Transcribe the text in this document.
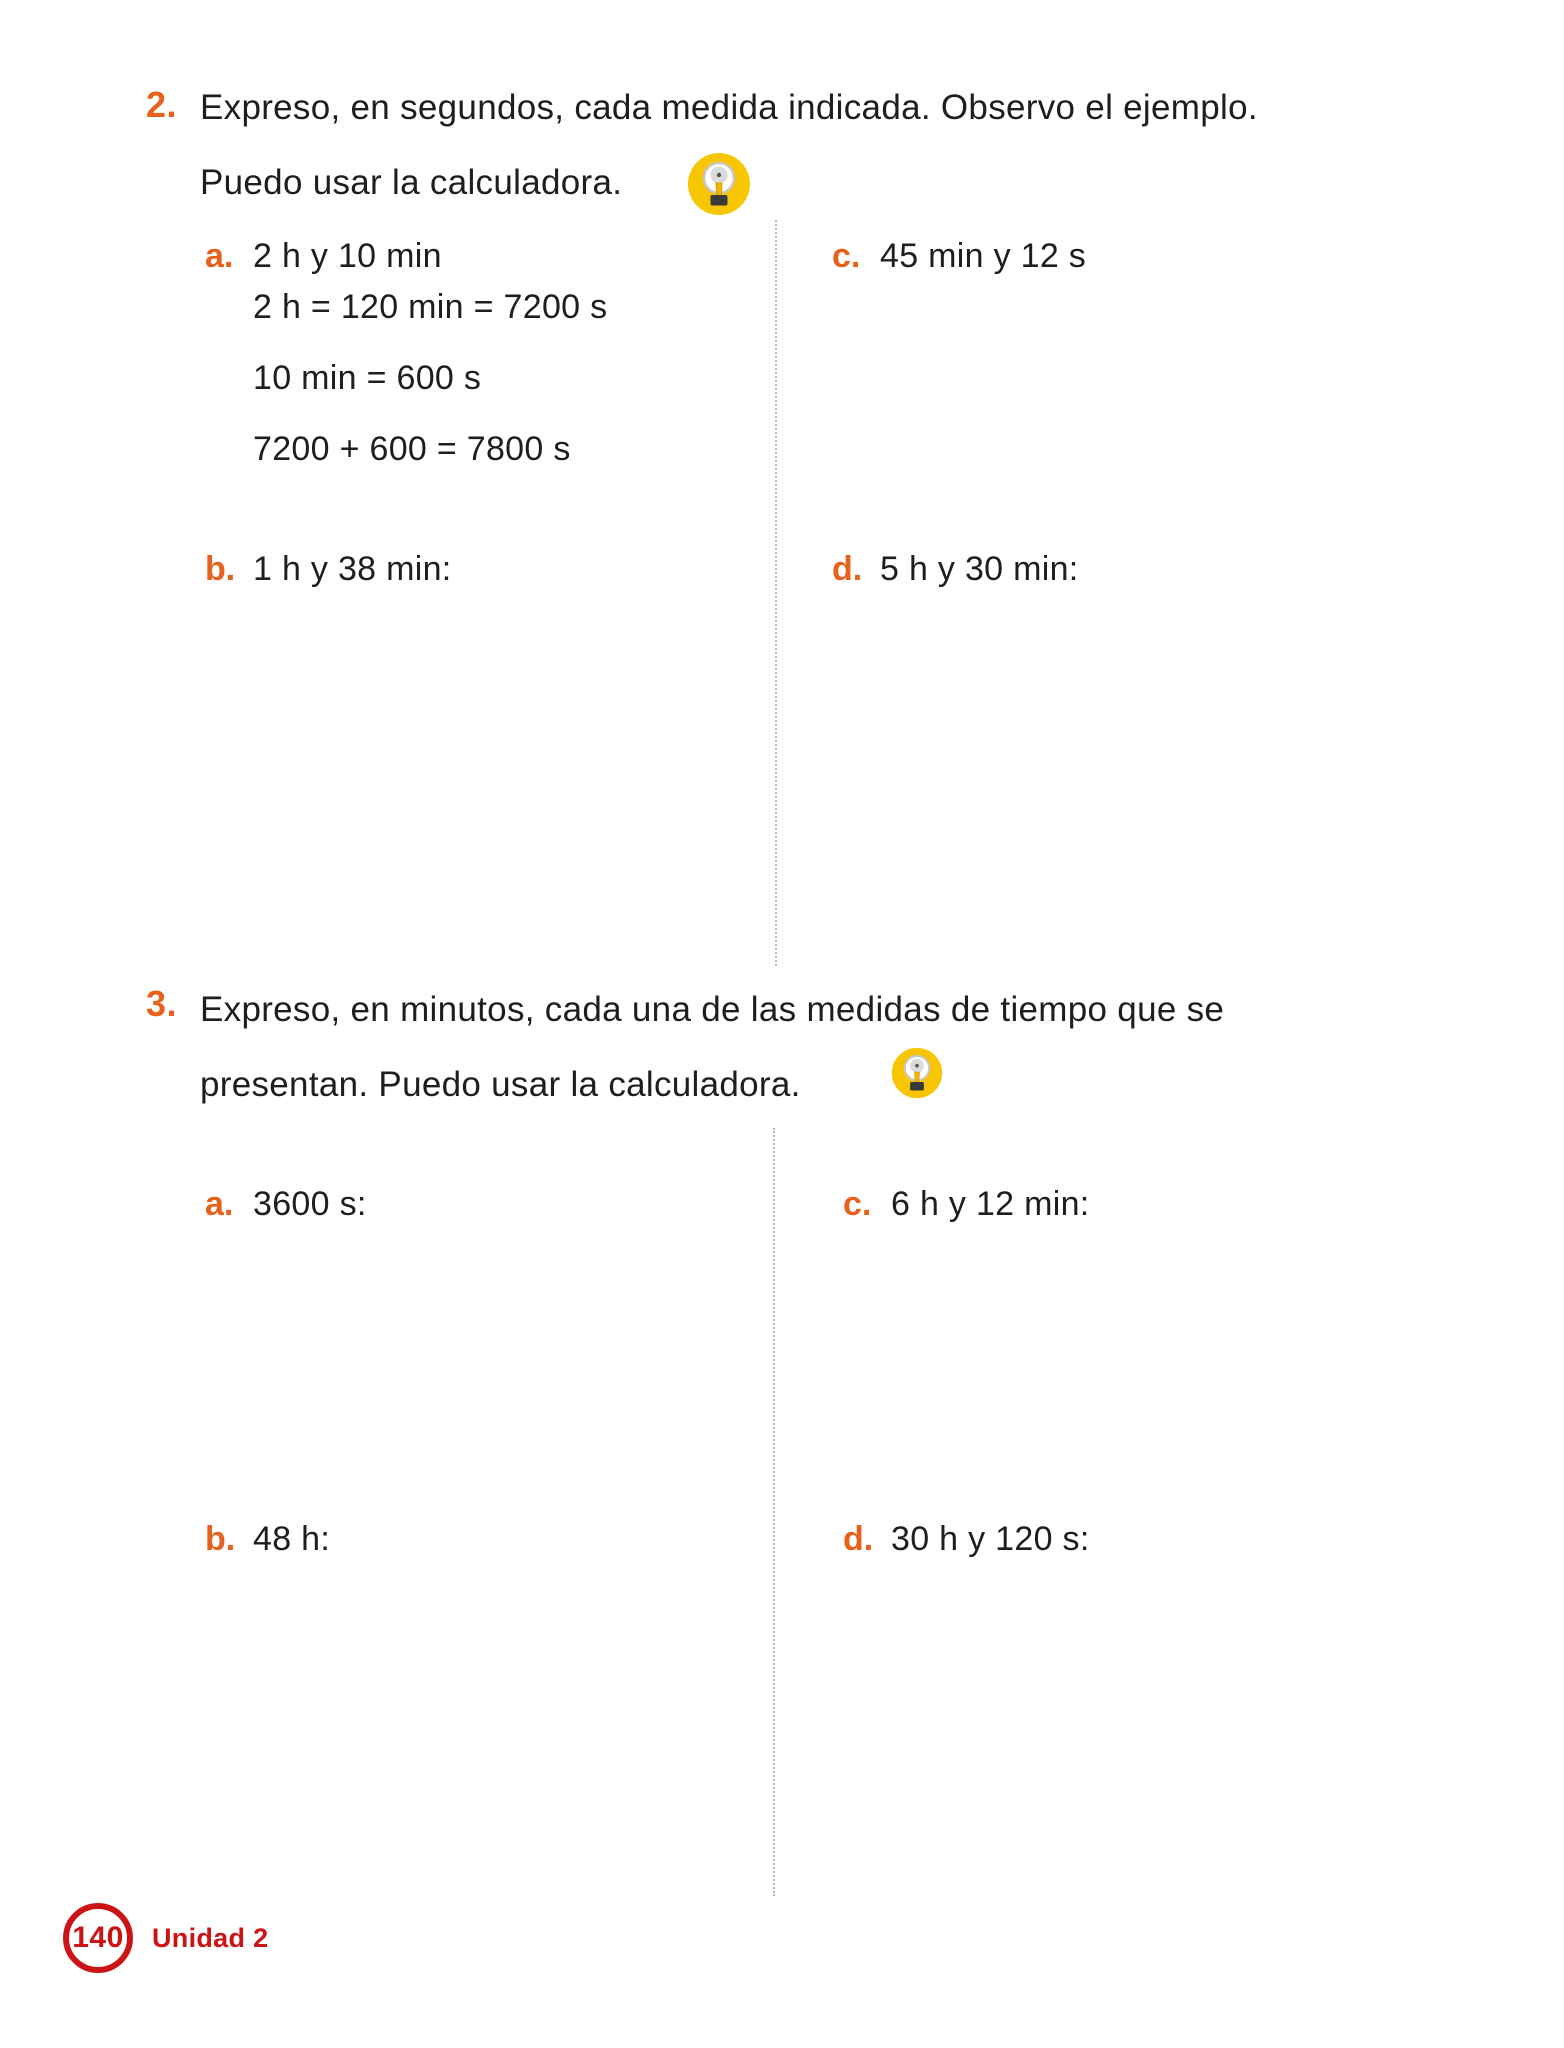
2. Expreso, en segundos, cada medida indicada. Observo el ejemplo.
Puedo usar la calculadora.
a. 2 h y 10 min
2 h = 120 min = 7200 s
10 min = 600 s
7200 + 600 = 7800 s
b. 1 h y 38 min:
c. 45 min y 12 s
d. 5 h y 30 min:
3. Expreso, en minutos, cada una de las medidas de tiempo que se
presentan. Puedo usar la calculadora.
a. 3600 s:	c. 6 h y 12 min:
b. 48 h:	d. 30 h y 120 s:
140 Unidad 2
